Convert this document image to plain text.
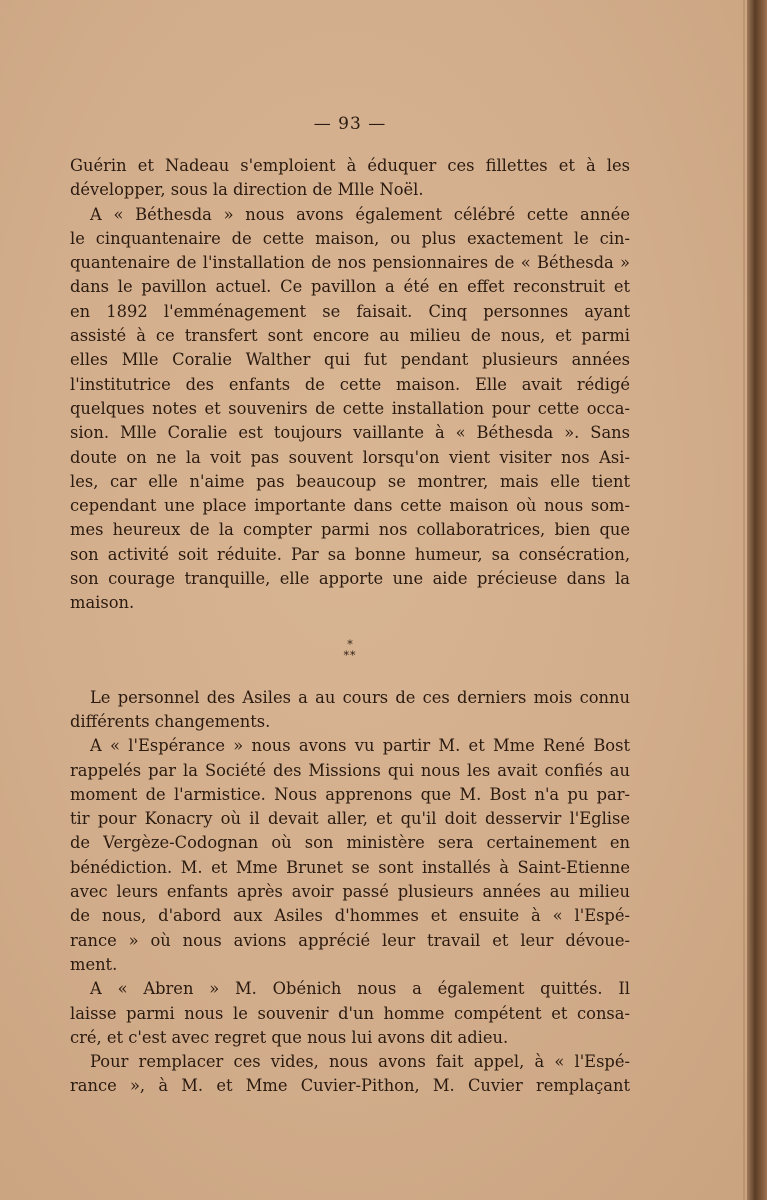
— 93 —
Guérin et Nadeau s'emploient à éduquer ces fillettes et à les
développer, sous la direction de Mlle Noël.
A « Béthesda » nous avons également célébré cette année
le cinquantenaire de cette maison, ou plus exactement le cin-
quantenaire de l'installation de nos pensionnaires de « Béthesda »
dans le pavillon actuel. Ce pavillon a été en effet reconstruit et
en 1892 l'emménagement se faisait. Cinq personnes ayant
assisté à ce transfert sont encore au milieu de nous, et parmi
elles Mlle Coralie Walther qui fut pendant plusieurs années
l'institutrice des enfants de cette maison. Elle avait rédigé
quelques notes et souvenirs de cette installation pour cette occa-
sion. Mlle Coralie est toujours vaillante à « Béthesda ». Sans
doute on ne la voit pas souvent lorsqu'on vient visiter nos Asi-
les, car elle n'aime pas beaucoup se montrer, mais elle tient
cependant une place importante dans cette maison où nous som-
mes heureux de la compter parmi nos collaboratrices, bien que
son activité soit réduite. Par sa bonne humeur, sa consécration,
son courage tranquille, elle apporte une aide précieuse dans la
maison.
*
**
Le personnel des Asiles a au cours de ces derniers mois connu
différents changements.
A « l'Espérance » nous avons vu partir M. et Mme René Bost
rappelés par la Société des Missions qui nous les avait confiés au
moment de l'armistice. Nous apprenons que M. Bost n'a pu par-
tir pour Konacry où il devait aller, et qu'il doit desservir l'Eglise
de Vergèze-Codognan où son ministère sera certainement en
bénédiction. M. et Mme Brunet se sont installés à Saint-Etienne
avec leurs enfants après avoir passé plusieurs années au milieu
de nous, d'abord aux Asiles d'hommes et ensuite à « l'Espé-
rance » où nous avions apprécié leur travail et leur dévoue-
ment.
A « Abren » M. Obénich nous a également quittés. Il
laisse parmi nous le souvenir d'un homme compétent et consa-
cré, et c'est avec regret que nous lui avons dit adieu.
Pour remplacer ces vides, nous avons fait appel, à « l'Espé-
rance », à M. et Mme Cuvier-Pithon, M. Cuvier remplaçant
